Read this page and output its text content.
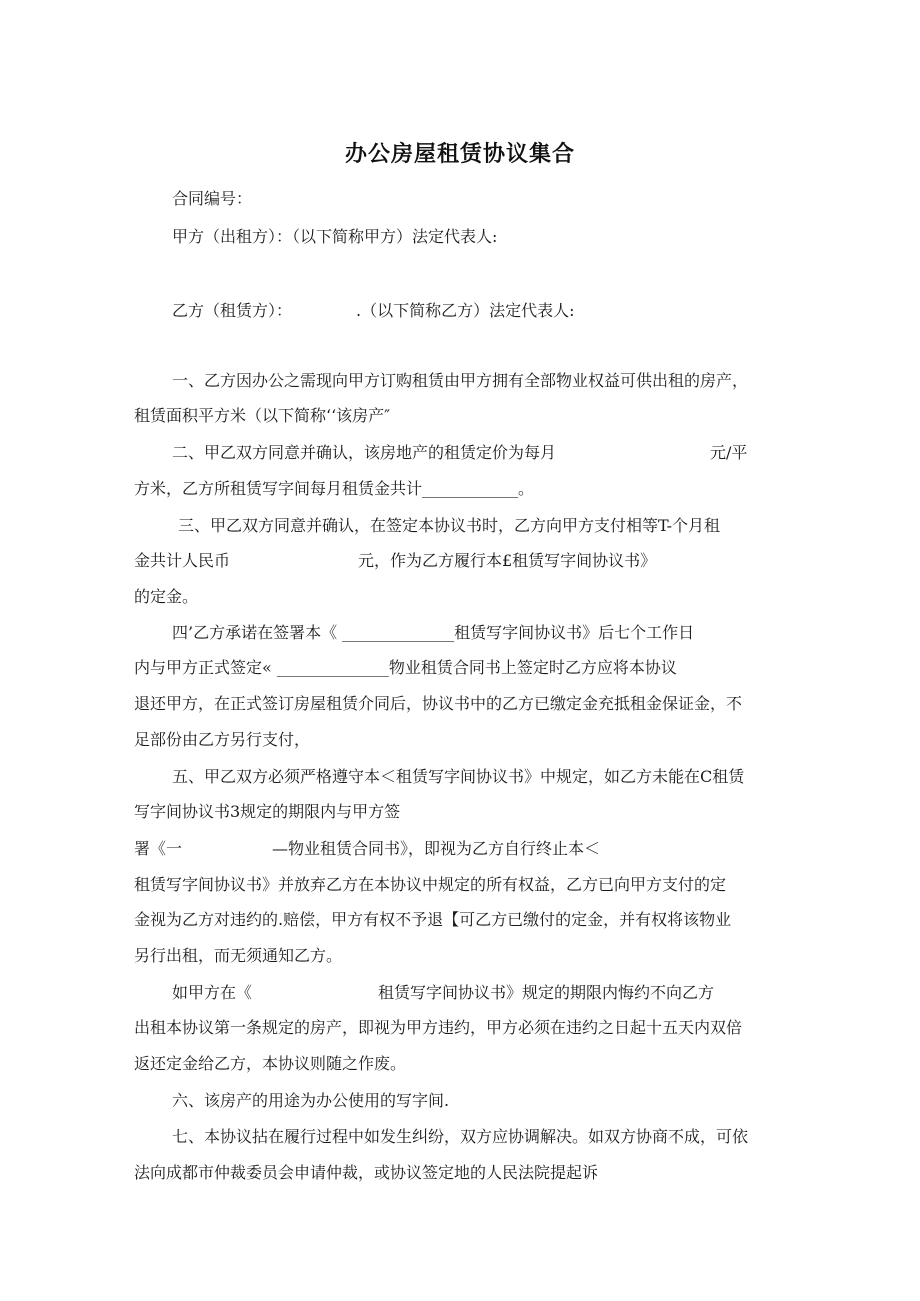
办公房屋租赁协议集合
合同编号：
甲方（出租方）：（以下简称甲方）法定代表人:
乙方（租赁方）：	.（以下简称乙方）法定代表人:
一、乙方因办公之需现向甲方订购租赁由甲方拥有全部物业权益可供出租的房产，
租赁面积平方米（以下简称‘‘该房产″
二、甲乙双方同意并确认，该房地产的租赁定价为每月	元/平
方米，乙方所租赁写字间每月租赁金共计____________。
三、甲乙双方同意并确认，在签定本协议书时，乙方向甲方支付相等T-个月租
金共计人民币	元，作为乙方履行本£租赁写字间协议书》
的定金。
四’乙方承诺在签署本《 ______________租赁写字间协议书》后七个工作日
内与甲方正式签定« ______________物业租赁合同书上签定时乙方应将本协议
退还甲方，在正式签订房屋租赁介同后，协议书中的乙方已缴定金充抵租金保证金，不
足部份由乙方另行支付，
五、甲乙双方必须严格遵守本＜租赁写字间协议书》中规定，如乙方未能在C租赁
写字间协议书3规定的期限内与甲方签
署《一	—物业租赁合同书》，即视为乙方自行终止本＜
租赁写字间协议书》并放弃乙方在本协议中规定的所有权益，乙方已向甲方支付的定
金视为乙方对违约的.赔偿，甲方有权不予退【可乙方已缴付的定金，并有权将该物业
另行出租，而无须通知乙方。
如甲方在《	租赁写字间协议书》规定的期限内悔约不向乙方
出租本协议第一条规定的房产，即视为甲方违约，甲方必须在违约之日起十五天内双倍
返还定金给乙方，本协议则随之作废。
六、该房产的用途为办公使用的写字间.
七、本协议拈在履行过程中如发生纠纷，双方应协调解决。如双方协商不成，可依
法向成都市仲裁委员会申请仲裁，或协议签定地的人民法院提起诉
